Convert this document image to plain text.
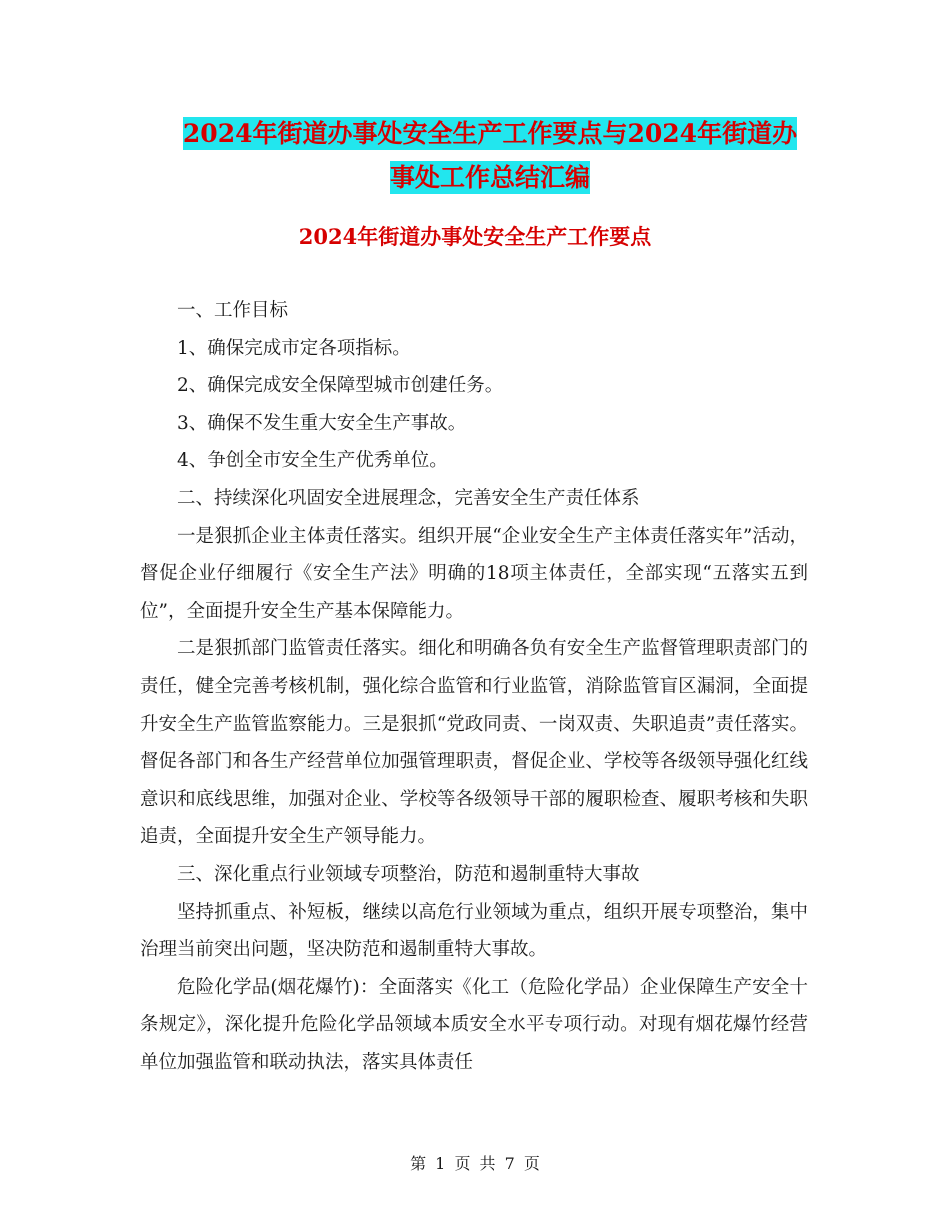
2024年街道办事处安全生产工作要点与2024年街道办
事处工作总结汇编
2024年街道办事处安全生产工作要点

一、工作目标

1、确保完成市定各项指标。

2、确保完成安全保障型城市创建任务。

3、确保不发生重大安全生产事故。

4、争创全市安全生产优秀单位。

二、持续深化巩固安全进展理念，完善安全生产责任体系

一是狠抓企业主体责任落实。组织开展“企业安全生产主体责任落实年”活动，督促企业仔细履行《安全生产法》明确的18项主体责任，全部实现“五落实五到位”，全面提升安全生产基本保障能力。

二是狠抓部门监管责任落实。细化和明确各负有安全生产监督管理职责部门的责任，健全完善考核机制，强化综合监管和行业监管，消除监管盲区漏洞，全面提升安全生产监管监察能力。三是狠抓“党政同责、一岗双责、失职追责”责任落实。督促各部门和各生产经营单位加强管理职责，督促企业、学校等各级领导强化红线意识和底线思维，加强对企业、学校等各级领导干部的履职检查、履职考核和失职追责，全面提升安全生产领导能力。

三、深化重点行业领域专项整治，防范和遏制重特大事故

坚持抓重点、补短板，继续以高危行业领域为重点，组织开展专项整治，集中治理当前突出问题，坚决防范和遏制重特大事故。

危险化学品(烟花爆竹)：全面落实《化工（危险化学品）企业保障生产安全十条规定》，深化提升危险化学品领域本质安全水平专项行动。对现有烟花爆竹经营单位加强监管和联动执法，落实具体责任

第 1 页 共 7 页
